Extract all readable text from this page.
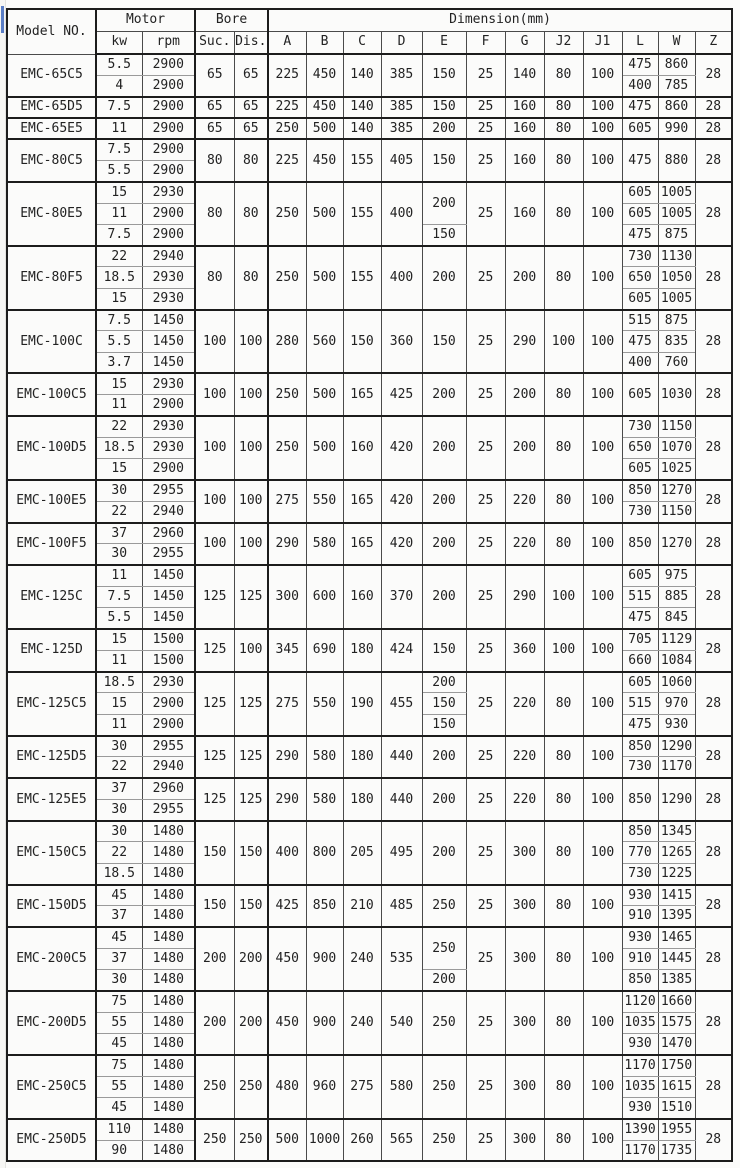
Model NO.	Motor		Bore		Dimension(mm)											
	kw	rpm	Suc.	Dis.	A	B	C	D	E	F	G	J2	J1	L	W	Z
EMC-65C5	5.5	2900	65	65	225	450	140	385	150	25	140	80	100	475	860	28
	4	2900												400	785	
EMC-65D5	7.5	2900	65	65	225	450	140	385	150	25	160	80	100	475	860	28
EMC-65E5	11	2900	65	65	250	500	140	385	200	25	160	80	100	605	990	28
EMC-80C5	7.5	2900	80	80	225	450	155	405	150	25	160	80	100	475	880	28
	5.5	2900														
EMC-80E5	15	2930	80	80	250	500	155	400	200	25	160	80	100	605	1005	28
	11	2900												605	1005	
	7.5	2900							150					475	875	
EMC-80F5	22	2940	80	80	250	500	155	400	200	25	200	80	100	730	1130	28
	18.5	2930												650	1050	
	15	2930												605	1005	
EMC-100C	7.5	1450	100	100	280	560	150	360	150	25	290	100	100	515	875	28
	5.5	1450												475	835	
	3.7	1450												400	760	
EMC-100C5	15	2930	100	100	250	500	165	425	200	25	200	80	100	605	1030	28
	11	2900														
EMC-100D5	22	2930	100	100	250	500	160	420	200	25	200	80	100	730	1150	28
	18.5	2930												650	1070	
	15	2900												605	1025	
EMC-100E5	30	2955	100	100	275	550	165	420	200	25	220	80	100	850	1270	28
	22	2940												730	1150	
EMC-100F5	37	2960	100	100	290	580	165	420	200	25	220	80	100	850	1270	28
	30	2955														
EMC-125C	11	1450	125	125	300	600	160	370	200	25	290	100	100	605	975	28
	7.5	1450												515	885	
	5.5	1450												475	845	
EMC-125D	15	1500	125	100	345	690	180	424	150	25	360	100	100	705	1129	28
	11	1500												660	1084	
EMC-125C5	18.5	2930	125	125	275	550	190	455	200	25	220	80	100	605	1060	28
	15	2900							150					515	970	
	11	2900							150					475	930	
EMC-125D5	30	2955	125	125	290	580	180	440	200	25	220	80	100	850	1290	28
	22	2940												730	1170	
EMC-125E5	37	2960	125	125	290	580	180	440	200	25	220	80	100	850	1290	28
	30	2955														
EMC-150C5	30	1480	150	150	400	800	205	495	200	25	300	80	100	850	1345	28
	22	1480												770	1265	
	18.5	1480												730	1225	
EMC-150D5	45	1480	150	150	425	850	210	485	250	25	300	80	100	930	1415	28
	37	1480												910	1395	
EMC-200C5	45	1480	200	200	450	900	240	535	250	25	300	80	100	930	1465	28
	37	1480												910	1445	
	30	1480							200					850	1385	
EMC-200D5	75	1480	200	200	450	900	240	540	250	25	300	80	100	1120	1660	28
	55	1480												1035	1575	
	45	1480												930	1470	
EMC-250C5	75	1480	250	250	480	960	275	580	250	25	300	80	100	1170	1750	28
	55	1480												1035	1615	
	45	1480												930	1510	
EMC-250D5	110	1480	250	250	500	1000	260	565	250	25	300	80	100	1390	1955	28
	90	1480												1170	1735	
